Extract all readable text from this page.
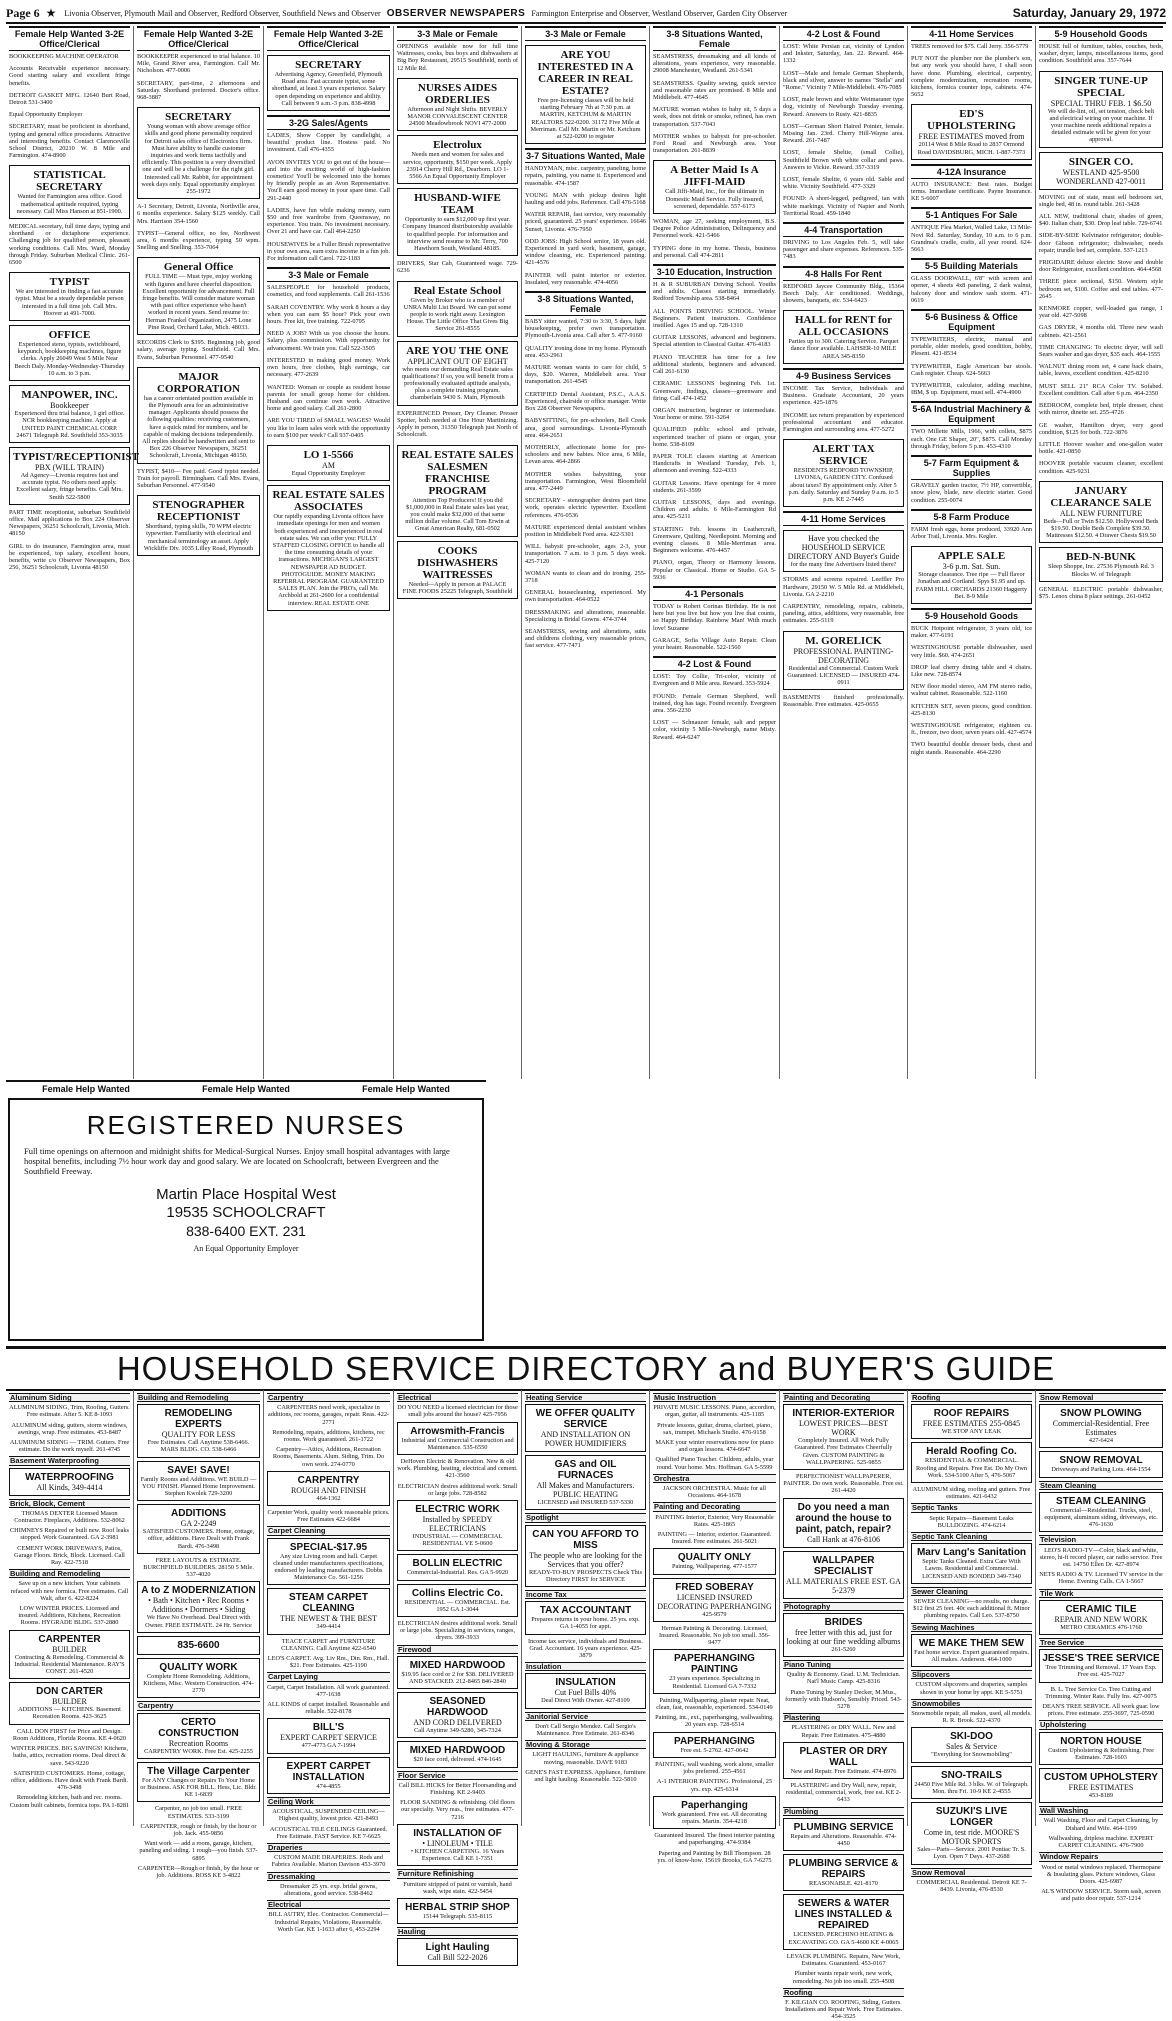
Page 6 ★ Livonia Observer, Plymouth Mail and Observer, Redford Observer, Southfield News and Observer OBSERVER NEWSPAPERS Farmington Enterprise and Observer, Westland Observer, Garden City Observer	Saturday, January 29, 1972
Female Help Wanted 3-2E Office/Clerical
BOOKKEEPING MACHINE OPERATOR
Accounts Receivable experience necessary. Good starting salary and excellent fringe benefits.
DETROIT GASKET MFG. 12640 Burt Road, Detroit 531-3400
Equal Opportunity Employer
SECRETARY, must be proficient in shorthand, typing and general office procedures. Attractive and interesting benefits. Contact Clarenceville School District, 20210 W. 8 Mile and Farmington. 474-8900
STATISTICAL SECRETARY
Wanted for Farmington area office. Good mathematical aptitude required, typing necessary. Call Miss Hanson at 851-1900.
MEDICAL secretary, full time days, typing and shorthand or dictaphone experience. Challenging job for qualified person, pleasant working conditions. Call Mrs. Ward, Monday through Friday. Suburban Medical Clinic. 261-6500
TYPIST
We are interested in finding a fast accurate typist. Must be a steady dependable person interested in a full time job. Call Mrs. Hoover at 491-7000.
OFFICE
Experienced steno, typists, switchboard, keypunch, bookkeeping machines, figure clerks. Apply 26049 West 5 Mile Near Beech Daly. Monday-Wednesday-Thursday 10 a.m. to 3 p.m.
MANPOWER, INC.
Bookkeeper
Experienced thru trial balance, 1 girl office. NCR bookkeeping machine. Apply at UNITED PAINT CHEMICAL CORP. 24671 Telegraph Rd. Southfield 353-3035
TYPIST/RECEPTIONIST
PBX (WILL TRAIN)
Ad Agency—Livonia requires fast and accurate typist. No others need apply. Excellent salary, fringe benefits. Call Mrs. Smith 522-5800
PART TIME receptionist, suburban Southfield office. Mail applications to Box 224 Observer Newspapers, 36251 Schoolcraft, Livonia, Mich. 48150
GIRL to do insurance, Farmington area, must be experienced, top salary, excellent hours, benefits, write c/o Observer Newspapers, Box 256, 36251 Schoolcraft, Livonia 48150
Female Help Wanted 3-2E Office/Clerical
BOOKKEEPER experienced to trial balance. 10 Mile, Grand River area, Farmington. Call Mr. Nicholson. 477-0006
SECRETARY, part-time, 2 afternoons and Saturday. Shorthand preferred. Doctor's office. 968-3887
SECRETARY
Young woman with above average office skills and good phone personality required for Detroit sales office of Electronics firm. Must have ability to handle customer inquiries and work items tactfully and efficiently. This position is a very diversified one and will be a challenge for the right girl. Interested call Mr. Rabbit, for appointment week days only. Equal opportunity employer. 255-1972
A-1 Secretary, Detroit, Livonia, Northville area, 6 months experience. Salary $125 weekly. Call Mrs. Harrison 354-1560
TYPIST—General office, no fee, Northwest area, 6 months experience, typing 50 wpm. Snelling and Snelling. 353-7064
General Office
FULL TIME — Must type, enjoy working with figures and have cheerful disposition. Excellent opportunity for advancement. Full fringe benefits. Will consider mature woman with past office experience who hasn't worked in recent years. Send resume to: Herman Frankel Organization, 2475 Lone Pine Road, Orchard Lake, Mich. 48033.
RECORDS Clerk to $395. Beginning job, good salary, average typing. Southfield. Call Mrs. Evans, Suburban Personnel. 477-9540
MAJOR CORPORATION
has a career orientated position available in the Plymouth area for an administrative manager. Applicants should possess the following qualities: receiving customers, have a quick mind for numbers, and be capable of making decisions independently. All replies should be handwritten and sent to Box 226 Observer Newspapers, 36251 Schoolcraft, Livonia, Michigan 48150.
TYPIST, $410— Fee paid. Good typist needed. Train for payroll. Birmingham. Call Mrs. Evans, Suburban Personnel. 477-9540
STENOGRAPHER RECEPTIONIST
Shorthand, typing skills, 70 WPM electric typewriter. Familiarity with electrical and mechanical terminology an asset. Apply Wickliffe Div. 1035 Lilley Road, Plymouth
Female Help Wanted 3-2E Office/Clerical
SECRETARY
Advertising Agency, Greenfield, Plymouth Road area. Fast accurate typist, some shorthand, at least 3 years experience. Salary open depending on experience and ability. Call between 9 a.m.-3 p.m. 838-4998
3-2G Sales/Agents
LADIES, Show Copper by candlelight, a beautiful product line. Hostess paid. No investment. Call 476-4355
AVON INVITES YOU to get out of the house—and into the exciting world of high-fashion cosmetics! You'll be welcomed into the homes by friendly people as an Avon Representative. You'll earn good money in your spare time. Call 291-2440
LADIES, have fun while making money, earn $50 and free wardrobe from Queensway, no experience. You train. No investment necessary. Over 21 and have car. Call 464-2250
HOUSEWIVES be a Fuller Brush representative in your own area, earn extra income in a fun job. For information call Carol. 722-1183
3-3 Male or Female
SALESPEOPLE for household products, cosmetics, and food supplements. Call 261-1536
SARAH COVENTRY. Why work 8 hours a day when you can earn $5 hour? Pick your own hours. Free kit, free training. 722-0795
NEED A JOB? With us you choose the hours. Salary, plus commission. With opportunity for advancement. We train you. Call 522-3505
INTERESTED in making good money. Work own hours, free clothes, high earnings, car necessary. 477-2639
WANTED: Woman or couple as resident house parents for small group home for children. Husband can continue own work. Attractive home and good salary. Call 261-2800
ARE YOU TIRED of SMALL WAGES? Would you like to learn sales work with the opportunity to earn $100 per week? Call 937-0405
LO 1-5566
AM
Equal Opportunity Employer
REAL ESTATE SALES ASSOCIATES
Our rapidly expanding Livonia offices have immediate openings for men and women both experienced and inexperienced in real estate sales. We can offer you: FULLY STAFFED CLOSING OFFICE to handle all the time consuming details of your transactions. MICHIGAN'S LARGEST NEWSPAPER AD BUDGET. PHOTOGUIDE. MONEY MAKING REFERRAL PROGRAM. GUARANTEED SALES PLAN. Join the PRO's, call Mr. Archbold at 261-2600 for a confidential interview. REAL ESTATE ONE
3-3 Male or Female
OPENINGS available now for full time Waitresses, cooks, bus boys and dishwashers at Big Boy Restaurant, 29515 Southfield, north of 12 Mile Rd.
NURSES AIDES ORDERLIES
Afternoon and Night Shifts. BEVERLY MANOR CONVALESCENT CENTER 24500 Meadowbrook NOVI 477-2000
Electrolux
Needs men and women for sales and service, opportunity, $150 per week. Apply 23914 Cherry Hill Rd., Dearborn. LO 1-5566 An Equal Opportunity Employer
HUSBAND-WIFE TEAM
Opportunity to earn $12,000 up first year. Company financed distributorship available to qualified people. For information and interview send resume to Mr. Terry, 700 Hawthorn South, Westland 48185.
DRIVERS, Star Cab, Guaranteed wage. 729-6236
Real Estate School
Given by Broker who is a member of UNRA Multi List Board. We can put some people to work right away. Lexington House. The Little Office That Gives Big Service 261-8555
ARE YOU THE ONE
APPLICANT OUT OF EIGHT
who meets our demanding Real Estate sales qualifications? If so, you will benefit from a professionally evaluated aptitude analysis, plus a complete training program. chamberlain 9430 S. Main, Plymouth
EXPERIENCED Presser, Dry Cleaner. Presser Spotter, both needed at One Hour Martinizing. Apply in person, 31350 Telegraph just North of Schoolcraft.
REAL ESTATE SALES SALESMEN FRANCHISE PROGRAM
Attention Top Producers! If you did $1,000,000 in Real Estate sales last year, you could make $32,000 of that same million dollar volume. Call Tom Erwin at Great American Realty, 681-0502
COOKS DISHWASHERS WAITRESSES
Needed—Apply in person at PALACE FINE FOODS 25225 Telegraph, Southfield
3-3 Male or Female
ARE YOU INTERESTED IN A CAREER IN REAL ESTATE?
Free pre-licensing classes will be held starting February 7th at 7:30 p.m. at MARTIN, KETCHUM & MARTIN REALTORS 522-0200. 31172 Five Mile at Merriman. Call Mr. Martin or Mr. Ketchum at 522-0200 to register
3-7 Situations Wanted, Male
HANDYMAN, misc. carpentry, paneling, home repairs, painting, you name it. Experienced and reasonable. 474-1587
YOUNG MAN with pickup desires light hauling and odd jobs. Reference. Call 476-5168
WATER REPAIR, fast service, very reasonably priced, guaranteed. 25 years' experience. 16646 Sunset, Livonia. 476-7950
ODD JOBS: High School senior, 18 years old. Experienced in yard work, basement, garage, window cleaning, etc. Experienced painting. 421-4576
PAINTER will paint interior or exterior. Insulated, very reasonable. 474-4056
3-8 Situations Wanted, Female
BABY sitter wanted, 7:30 to 3:30, 5 days, light housekeeping, prefer own transportation. Plymouth-Livonia area. Call after 5. 477-9160
QUALITY ironing done in my home. Plymouth area. 453-2961
MATURE woman wants to care for child, 5 days, $20. Warren, Middlebelt area. Your transportation. 261-4545
CERTIFIED Dental Assistant, P.S.C., A.A.S. Experienced, chairside or office manager. Write Box 228 Observer Newspapers.
BABYSITTING, for pre-schoolers, Bell Creek area, good surroundings. Livonia-Plymouth area. 464-2651
MOTHERLY, affectionate home for pre-schoolers and new babies. Nice area, 6 Mile, Levan area. 464-2866
MOTHER wishes babysitting, your transportation. Farmington, West Bloomfield area. 477-2449
SECRETARY - stenographer desires part time work, operates electric typewriter. Excellent references. 476-0536
MATURE experienced dental assistant wishes position in Middlebelt Ford area. 422-5301
WILL babysit pre-schooler, ages 2-3, your transportation. 7 a.m. to 3 p.m. 5 days week. 425-7120
WOMAN wants to clean and do ironing. 255-3718
GENERAL housecleaning, experienced. My own transportation. 464-0522
DRESSMAKING and alterations, reasonable. Specializing in Bridal Gowns. 474-3744
SEAMSTRESS, sewing and alterations, suits and childrens clothing, very reasonable prices, fast service. 477-7471
3-8 Situations Wanted, Female
SEAMSTRESS, dressmaking and all kinds of alterations, years experience, very reasonable. 29008 Manchester, Westland. 261-5341
SEAMSTRESS. Quality sewing, quick service and reasonable rates are promised. 8 Mile and Middlebelt. 477-4645
MATURE woman wishes to baby sit, 5 days a week, does not drink or smoke, refined, has own transportation. 537-7043
MOTHER wishes to babysit for pre-schooler. Ford Road and Newburgh area. Your transportation. 261-8839
A Better Maid Is A JIFFI-MAID
Call Jiffi-Maid, Inc., for the ultimate in Domestic Maid Service. Fully insured, screened, dependable. 557-6173
WOMAN, age 27, seeking employment, B.S. Degree Police Administration, Delinquency and Personnel work. 421-5466
TYPING done in my home. Thesis, business and personal. Call 474-2811
3-10 Education, Instruction
H & R SUBURBAN Driving School. Youths and adults. Classes starting immediately. Redford Township area. 538-8464
ALL POINTS DRIVING SCHOOL. Winter Beginners. Patient instructors. Confidence instilled. Ages 15 and up. 728-1310
GUITAR LESSONS, advanced and beginners. Special attention to Classical Guitar. 476-4183
PIANO TEACHER has time for a few additional students, beginners and advanced. Call 261-6130
CERAMIC LESSONS beginning Feb. 1st. Greenware, findings, classes—greenware and firing. Call 474-1452
ORGAN instruction, beginner or intermediate. Your home or mine. 591-3264
QUALIFIED public school and private, experienced teacher of piano or organ, your home. 538-8109
PAPER TOLE classes starting at American Handcrafts in Westland Tuesday, Feb. 1, afternoon and evening. 522-4333
GUITAR Lessons. Have openings for 4 more students. 261-3599
GUITAR LESSONS, days and evenings. Children and adults. 6 Mile-Farmington Rd area. 425-5211
STARTING Feb. lessons in Leathercraft, Greenware, Quilting, Needlepoint. Morning and evening classes. 8 Mile-Merriman area. Beginners welcome. 476-4457
PIANO, organ, Theory or Harmony lessons. Popular or Classical. Home or Studio. GA 5-5936
4-1 Personals
TODAY is Robert Corinas Birthday. He is not here but you live but how you live that counts, so Happy Birthday. Rainbow Man! With much love! Suzanne
GARAGE, Sofia Village Auto Repair. Clean your heater. Reasonable. 522-1560
4-2 Lost & Found
LOST: Toy Collie, Tri-color, vicinity of Evergreen and 8 Mile area. Reward. 353-5924
FOUND: Female German Shepherd, well trained, dog has tags. Found recently. Evergreen area. 356-2230
LOST — Schnauzer female, salt and pepper color, vicinity 5 Mile-Newburgh, name Misty. Reward. 464-6247
4-2 Lost & Found
LOST: White Persian cat, vicinity of Lyndon and Inkster, Saturday, Jan. 22. Reward. 464-1332
LOST—Male and female German Shepherds, black and silver, answer to names "Stella" and "Rome." Vicinity 7 Mile-Middlebelt. 476-7085
LOST, male brown and white Weimaraner type dog, vicinity of Newburgh Tuesday evening. Reward. Answers to Rusty. 421-8835
LOST—German Short Haired Pointer, female. Missing Jan. 23rd. Cherry Hill-Wayne area. Reward. 261-7487
LOST, female Sheltie, (small Collie), Southfield Brown with white collar and paws. Answers to Vickie. Reward. 357-3319
LOST, female Sheltie, 6 years old. Sable and white. Vicinity Southfield. 477-3329
FOUND: A short-legged, pedigreed, tan with white markings. Vicinity of Napier and North Territorial Road. 459-1840
4-4 Transportation
DRIVING to Los Angeles Feb. 5, will take passenger and share expenses. References. 535-7483
4-8 Halls For Rent
REDFORD Jaycee Community Bldg., 15364 Beech Daly. Air conditioned. Weddings, showers, banquets, etc. 534-6423
HALL for RENT for ALL OCCASIONS
Parties up to 300. Catering Service. Parquet dance floor available. LAHSER-10 MILE AREA 345-8350
4-9 Business Services
INCOME Tax Service, Individuals and Business. Graduate Accountant, 20 years experience. 425-1876
INCOME tax return preparation by experienced professional accountant and educator. Farmington and surrounding area. 477-5272
ALERT TAX SERVICE
RESIDENTS REDFORD TOWNSHIP, LIVONIA, GARDEN CITY. Confused about taxes? By appointment only. After 5 p.m. daily. Saturday and Sunday 9 a.m. to 5 p.m. KE 2-7445
4-11 Home Services
Have you checked the HOUSEHOLD SERVICE DIRECTORY AND Buyer's Guide
for the many fine Advertisers listed there?
STORMS and screens repaired. Leeffler Pro Hardware, 29150 W. 5 Mile Rd. at Middlebelt, Livonia. GA 2-2210
CARPENTRY, remodeling, repairs, cabinets, paneling, attics, additions, very reasonable, free estimates. 255-5119
M. GORELICK
PROFESSIONAL PAINTING-DECORATING
Residential and Commercial. Custom Work Guaranteed. LICENSED — INSURED 474-0911
BASEMENTS finished professionally. Reasonable. Free estimates. 425-0655
4-11 Home Services
TREES removed for $75. Call Jerry. 356-5779
PUT NOT the plumber nor the plumber's son, but any work you should have, I shall soon have done. Plumbing, electrical, carpentry, complete modernization, recreation rooms, kitchens, formica counter tops, cabinets. 474-5652
ED'S UPHOLSTERING
FREE ESTIMATES moved from
20114 West 8 Mile Road to 2837 Ormond Road DAVIDSBURG, MICH. 1-887-7373
4-12A Insurance
AUTO INSURANCE: Best rates. Budget terms. Immediate certificate. Payne Insurance. KE 5-6007
5-1 Antiques For Sale
ANTIQUE Flea Market, Walled Lake, 13 Mile-Novi Rd. Saturday, Sunday, 10 a.m. to 6 p.m. Grandma's cradle, crafts, all year round. 624-5663
5-5 Building Materials
GLASS DOORWALL, 6'8" with screen and opener, 4 sheets 4x8 paneling, 2 dark walnut, balcony door and window sash storm. 471-0619
5-6 Business & Office Equipment
TYPEWRITERS, electric, manual and portable, older models, good condition, hobby, Plesent. 421-8534
TYPEWRITER, Eagle American bar stools. Cash register. Cheap. 624-5663
TYPEWRITER, calculator, adding machine, IBM, $ up. Equipment, must sell. 474-4900
5-6A Industrial Machinery & Equipment
TWO Millette Mills, 1966, with collets, $875 each. One GE Shaper, 20", $875. Call Monday through Friday, before 5 p.m. 453-4310
5-7 Farm Equipment & Supplies
GRAVELY garden tractor, 7½ HP, convertible, snow plow, blade, new electric starter. Good condition. 255-0074
5-8 Farm Produce
FARM fresh eggs, home produced, 33920 Ann Arbor Trail, Livonia. Mrs. Kegler.
APPLE SALE
3-6 p.m. Sat. Sun.
Storage clearance. Tree ripe — Full flavor Jonathan and Cortland. Spys $1.95 and up. FARM HILL ORCHARDS 21360 Haggerty Bet. 8-9 Mile
5-9 Household Goods
BUCK Hotpoint refrigerator, 3 years old, ice maker. 477-6191
WESTINGHOUSE portable dishwasher, used very little. $60. 474-2651
DROP leaf cherry dining table and 4 chairs. Like new. 728-8574
NEW floor model stereo, AM FM stereo radio, walnut cabinet. Reasonable. 522-1160
KITCHEN SET, seven pieces, good condition. 425-8130
WESTINGHOUSE refrigerator, eighteen cu. ft., freezer, two door, seven years old. 427-4574
TWO beautiful double dresser beds, chest and night stands. Reasonable. 464-2290
5-9 Household Goods
HOUSE full of furniture, tables, couches, beds, washer, dryer, lamps, miscellaneous items, good condition. Southfield area. 357-7644
SINGER TUNE-UP SPECIAL
SPECIAL THRU FEB. 1 $6.50
We will de-lint, oil, set tension, check belt and electrical wiring on your machine. If your machine needs additional repairs a detailed estimate will be given for your approval.
SINGER CO.
WESTLAND 425-9500 WONDERLAND 427-0011
MOVING out of state, must sell bedroom set, single bed, 48 in. round table. 261-3428
ALL NEW, traditional chair, shades of green, $40. Italian chair, $30. Drop leaf table. 729-6741
SIDE-BY-SIDE Kelvinator refrigerator; double-door Gibson refrigerator; dishwasher, needs repair; trundle bed set, complete. 537-1213
FRIGIDAIRE deluxe electric Stove and double door Refrigerator, excellent condition. 464-4568
THREE piece sectional, $150. Western style bedroom set, $100. Coffee and end tables. 477-2645
KENMORE copper, well-loaded gas range, 1 year old. 427-5098
GAS DRYER, 4 months old. Three new wash cabinets. 421-2561
TIME CHANGING: To electric dryer, will sell Sears washer and gas dryer, $35 each. 464-1555
WALNUT dining room set, 4 cane back chairs, table, leaves, excellent condition. 425-8210
MUST SELL 21" RCA Color TV. Sofabed. Excellent condition. Call after 6 p.m. 464-2350
BEDROOM, complete bed, triple dresser, chest with mirror, dinette set. 255-4726
GE washer, Hamilton dryer, very good condition, $125 for both. 722-3876
LITTLE Hoover washer and one-gallon water bottle. 421-0850
HOOVER portable vacuum cleaner, excellent condition. 425-9231
JANUARY CLEARANCE SALE
ALL NEW FURNITURE
Beds—Full or Twin $12.50. Hollywood Beds $19.50. Double Beds Complete $39.50. Mattresses $12.50. 4 Drawer Chests $19.50
BED-N-BUNK
Sleep Shoppe, Inc. 27536 Plymouth Rd. 3 Blocks W. of Telegraph
GENERAL ELECTRIC portable dishwasher, $75. Lenox china 8 place settings. 261-0452
Female Help Wanted	Female Help Wanted	Female Help Wanted
REGISTERED NURSES
Full time openings on afternoon and midnight shifts for Medical-Surgical Nurses. Enjoy small hospital advantages with large hospital benefits, including 7½ hour work day and good salary. We are located on Schoolcraft, between Evergreen and the Southfield Freeway.
Martin Place Hospital West
19535 SCHOOLCRAFT
838-6400 EXT. 231
An Equal Opportunity Employer
HOUSEHOLD SERVICE DIRECTORY and BUYER'S GUIDE
Aluminum Siding
ALUMINUM SIDING, Trim, Roofing, Gutters. Free estimate. After 5. KE 8-1093
ALUMINUM siding, gutters, storm windows, awnings, wrap. Free estimates. 453-8487
ALUMINUM SIDING — TRIM. Gutters. Free estimate. Do the work myself. 261-4745
Basement Waterproofing
WATERPROOFING
All Kinds, 349-4414
Brick, Block, Cement
THOMAS DEXTER Licensed Mason Contractor. Fireplaces, Additions. 532-8062
CHIMNEYS Repaired or built new. Roof leaks stopped. Work Guaranteed. GA 2-3981
CEMENT WORK DRIVEWAYS, Patios, Garage Floors. Brick, Block. Licensed. Call Ray. 422-7518
Building and Remodeling
Save up on a new kitchen. Your cabinets refaced with new formica. Free estimates. Call Walt, after 6. 422-8224
LOW WINTER PRICES. Licensed and insured. Additions, Kitchens, Recreation Rooms. HYGRADE BLDG. 537-2880
CARPENTER
BUILDER
Contracting & Remodeling. Commercial & Industrial. Residential Maintenance. RAY'S CONST. 261-4520
DON CARTER
BUILDER
ADDITIONS — KITCHENS. Basement Recreation Rooms. 423-3625
CALL DON FIRST for Price and Design. Room Additions, Florida Rooms. KE 4-0620
WINTER PRICES. BIG SAVINGS! Kitchens, baths, attics, recreation rooms. Deal direct & save. 543-9220
SATISFIED CUSTOMERS. Home, cottage, office, additions. Have dealt with Frank Bardi. 476-3498
Remodeling kitchen, bath and rec. rooms. Custom built cabinets, formica tops. PA 1-8281
Building and Remodeling
REMODELING EXPERTS
QUALITY FOR LESS
Free Estimates. Call Anytime 538-6466. MARS BLDG. CO. 538-6466
SAVE! SAVE!
Family Rooms and Additions. WE BUILD — YOU FINISH. Planned Home Improvement. Stephen Kwolek 729-3200
ADDITIONS
GA 2-2249
SATISFIED CUSTOMERS. Home, cottage, office, additions. Have Dealt with Frank Bardi. 476-3498
FREE LAYOUTS & ESTIMATE. BURCHFIELD BUILDERS. 28150 5 Mile. 537-4020
A to Z MODERNIZATION
• Bath • Kitchen • Rec Rooms • Additions • Dormers • Siding
We Have No Overhead. Deal Direct with Owner. FREE ESTIMATE. 24 Hr. Service
835-6600
QUALITY WORK
Complete Home Remodeling. Additions, Kitchens, Misc. Western Construction. 474-2770
Carpentry
CERTO CONSTRUCTION
Recreation Rooms
CARPENTRY WORK. Free Est. 425-2255
The Village Carpenter
For ANY Changes or Repairs To Your Home or Business. ASK FOR BILL. Hess, Lic. Bldr. KE 1-6839
Carpenter, no job too small. FREE ESTIMATES. 533-3199
CARPENTER, rough or finish, by the hour or job. Jack. 455-9856
Want work — add a room, garage, kitchen, paneling and siding. 1 rough—you finish. 537-6895
CARPENTER—Rough or finish, by the hour or job. Additions. ROSS KE 3-4822
Carpentry
CARPENTERS need work, specialize in additions, rec rooms, garages, repair. Reas. 422-2771
Remodeling, repairs, additions, kitchens, rec rooms. Work guaranteed. 261-1722
Carpentry—Attics, Additions, Recreation Rooms, Basements. Alum. Siding, Trim. Do own work. 274-0770
CARPENTRY
ROUGH AND FINISH
464-1362
Carpenter Work, quality work reasonable prices. Free Estimates 422-6684
Carpet Cleaning
SPECIAL-$17.95
Any size Living room and hall. Carpet cleaned under manufacturers specifications, endorsed by leading manufacturers. Dobbs Maintenance Co. 561-1256
STEAM CARPET CLEANING
THE NEWEST & THE BEST
349-4414
TEACE CARPET and FURNITURE CLEANING. Call Anytime 422-6540
LEO'S CARPET. Avg. Liv Rm., Din. Rm., Hall. $21. Free Estimates. 425-1190
Carpet Laying
Carpet, Carpet Installation. All work guaranteed. 477-1638
ALL KINDS of carpet installed. Reasonable and reliable. 522-8178
BILL'S
EXPERT CARPET SERVICE
477-4773 GA 7-1994
EXPERT CARPET INSTALLATION
474-4855
Ceiling Work
ACOUSTICAL, SUSPENDED CEILING—Highest quality, lowest price. 421-8493
ACOUSTICAL TILE CEILINGS Guaranteed. Free Estimate. FAST Service. KE 7-6625
Draperies
CUSTOM MADE DRAPERIES. Rods and Fabrics Available. Marion Davison 453-3970
Dressmaking
Dressmaker 25 yrs. exp. bridal gowns, alterations, good service. 538-8462
Electrical
BILL AUTRY, Elec. Contractor. Commercial—Industrial Repairs, Violations, Reasonable. Worth Gar. KE 1-1633 after 6, 453-2294
Electrical
DO YOU NEED a licensed electrician for those small jobs around the house? 425-7956
Arrowsmith-Francis
Industrial and Commercial Construction and Maintenance. 535-6550
DeHoven Electric & Renovation. New & old work. Plumbing, heating, electrical and cement. 421-3560
ELECTRICIAN desires additional work. Small or large jobs. 728-8582
ELECTRIC WORK
Installed by SPEEDY ELECTRICIANS
INDUSTRIAL — COMMERCIAL RESIDENTIAL VE 5-0600
BOLLIN ELECTRIC
Commercial-Industrial. Res. GA 5-9920
Collins Electric Co.
RESIDENTIAL — COMMERCIAL. Est. 1952 GA 1-3044
ELECTRICIAN desires additional work. Small or large jobs. Specializing in services, ranges, dryers. 399-3933
Firewood
MIXED HARDWOOD
$19.95 face cord or 2 for $38. DELIVERED AND STACKED. 212-8465 846-2840
SEASONED HARDWOOD
AND CORD DELIVERED
Call Anytime 349-5280, 345-7324
MIXED HARDWOOD
$20 face cord, delivered. 474-1645
Floor Service
Call BILL HICKS for Better Floorsanding and Finishing. KE 2-9403
FLOOR SANDING & refinishing. Old floors our specialty. Very reas., free estimates. 477-7216
INSTALLATION OF
• LINOLEUM • TILE
• KITCHEN CARPETING. 16 Years Experience. Call KE 1-7351
Furniture Refinishing
Furniture stripped of paint or varnish, hand wash, wipe stain. 422-5454
HERBAL STRIP SHOP
15144 Telegraph. 535-8115
Hauling
Light Hauling
Call Bill 522-2026
Heating Service
WE OFFER QUALITY SERVICE
AND INSTALLATION ON POWER HUMIDIFIERS
GAS and OIL FURNACES
All Makes and Manufacturers. PUBLIC HEATING
LICENSED and INSURED 537-5330
Spotlight
CAN YOU AFFORD TO MISS
The people who are looking for the Services that you offer?
READY-TO-BUY PROSPECTS Check This Directory FIRST for SERVICE
Income Tax
TAX ACCOUNTANT
Prepares returns in your home. 25 yrs. exp. GA 1-4055 for appt.
Income tax service, individuals and Business. Grad. Accountant. 16 years experience. 425-3879
Insulation
INSULATION
Cut Fuel Bills 40%
Deal Direct With Owner. 427-8109
Janitorial Service
Don't Call Sergio Mendez. Call Sergio's Maintenance. Free Estimate. 261-8346
Moving & Storage
LIGHT HAULING, furniture & appliance moving, reasonable. DAVE 9183
GENE'S FAST EXPRESS. Appliance, furniture and light hauling. Reasonable. 522-5810
Music Instruction
PRIVATE MUSIC LESSONS. Piano, accordion, organ, guitar, all instruments. 425-1185
Private lessons, guitar, drums, clarinet, piano, sax, trumpet. Michaels Studio. 476-9158
MAKE your winter reservations now for piano and organ lessons. 474-6647
Qualified Piano Teacher. Children, adults, year round. Your home. Mrs. Hoffman. GA 5-5599
Orchestra
JACKSON ORCHESTRA. Music for all Occasions. 464-1678
Painting and Decorating
PAINTING Interior, Exterior, Very Reasonable Rates. 425-1865
PAINTING — Interior, exterior. Guaranteed. Insured. Free estimates. 261-5021
QUALITY ONLY
Painting, Wallpapering. 477-1577
FRED SOBERAY
LICENSED INSURED DECORATING PAPERHANGING
425-9579
Herman Painting & Decorating. Licensed, Insured. Reasonable. No job too small. 356-9477
PAPERHANGING PAINTING
23 years experience. Specializing in Residential. Licensed GA 7-7332
Painting, Wallpapering, plaster repair. Neat, clean, fast, reasonable, experienced. 534-0149
Painting, int., ext., paperhanging, wallwashing. 20 years exp. 728-6514
PAPERHANGING
Free est. 5-2762. 427-0642
PAINTING, wall washing, work alone, smaller jobs preferred. 255-4561
A-1 INTERIOR PAINTING. Professional, 25 yrs. exp. 425-6314
Paperhanging
Work guaranteed. Free est. All decorating repairs. Martin. 354-4218
Guaranteed Insured. The finest interior painting and paperhanging. 474-9384
Papering and Painting by Bill Thompson. 28 yrs. of know-how. 15619 Brooks, GA 7-6275
Painting and Decorating
INTERIOR-EXTERIOR
LOWEST PRICES—BEST WORK
Completely Insured. All Work Fully Guaranteed. Free Estimates Cheerfully Given. CUSTOM PAINTING & WALLPAPERING. 525-9855
PERFECTIONIST WALLPAPERER, PAINTER. Do own work. Reasonable. Free est. 261-4420
Do you need a man around the house to paint, patch, repair?
Call Hank at 476-8106
WALLPAPER SPECIALIST
ALL MATERIALS FREE EST. GA 5-2379
Photography
BRIDES
free letter with this ad, just for looking at our fine wedding albums
261-5260
Piano Tuning
Quality & Economy. Grad. U.M. Technician. Nat'l Music Camp. 425-8316
Piano Tuning by Stanley Decker, M.Mus., formerly with Hudson's, Sensibly Priced. 543-5278
Plastering
PLASTERING or DRY WALL. New and Repair. Free Estimates. 475-4880
PLASTER OR DRY WALL
New and Repair. Free Estimate. 474-8976
PLASTERING and Dry Wall, new, repair, residential, commercial, work, free est. KE 2-6433
Plumbing
PLUMBING SERVICE
Repairs and Alterations. Reasonable. 474-4450
PLUMBING SERVICE & REPAIRS
REASONABLE. 421-8170
SEWERS & WATER LINES INSTALLED & REPAIRED
LICENSED. PERCHINO HEATING & EXCAVATING CO. GA 5-4600 KE 4-0065
LEVACK PLUMBING. Repairs, New Work, Estimates. Guaranteed. 453-0167
Plumber wants repair work, new work, remodeling. No job too small. 255-4508
Roofing
F. KILGIAN CO. ROOFING, Siding, Gutters. Installations and Repair Work. Free Estimates. 454-3525
Roofing
ROOF REPAIRS
FREE ESTIMATES 255-0845
WE STOP ANY LEAK
Herald Roofing Co.
RESIDENTIAL & COMMERCIAL. Roofing and Repairs. Free Est. Do My Own Work. 534-5100 After 5, 476-5067
ALUMINUM siding, roofing and gutters. Free estimates. 421-6432
Septic Tanks
Septic Repairs—Basement Leaks BULLDOZING. 474-6214
Septic Tank Cleaning
Marv Lang's Sanitation
Septic Tanks Cleaned. Extra Care With Lawns. Residential and Commercial. LICENSED AND BONDED 349-7340
Sewer Cleaning
SEWER CLEANING—no results, no charge. $12 first 25 feet. 40c each additional ft. Minor plumbing repairs. Call Leo. 537-8750
Sewing Machines
WE MAKE THEM SEW
Fast home service. Expert guaranteed repairs. All makes. Anderson. 464-1000
Slipcovers
CUSTOM slipcovers and draperies, samples shown in your home by appt. KE 5-5751
Snowmobiles
Snowmobile repair, all makes, used, all models. R. R. Brook. 522-4370
SKI-DOO
Sales & Service
"Everything for Snowmobiling"
SNO-TRAILS
24450 Five Mile Rd. 3 blks. W. of Telegraph. Mon. thru Fri. 10-9 KE 2-4555
SUZUKI'S LIVE LONGER
Come in, test ride. MOORE'S MOTOR SPORTS
Sales—Parts—Service. 2001 Pontiac Tr. S. Lyon. Open 7 Days. 437-2688
Snow Removal
COMMERCIAL Residential. Detroit KE 7-8439. Livonia, 476-8530
Snow Removal
SNOW PLOWING
Commercial-Residential. Free Estimates
427-6424
SNOW REMOVAL
Driveways and Parking Lots. 464-1554
Steam Cleaning
STEAM CLEANING
Commercial—Residential. Trucks, steel, equipment, aluminum siding, driveways, etc. 476-1630
Television
LEO'S RADIO-TV—Color, black and white, stereo, hi-fi record player, car radio service. Free est. 14750 Ellen Dr. 427-8974
NETS RADIO & TV. Licensed TV service in the Home. Evening Calls. CA 1-5667
Tile Work
CERAMIC TILE
REPAIR AND NEW WORK
METRO CERAMICS 476-1760
Tree Service
JESSE'S TREE SERVICE
Tree Trimming and Removal. 17 Years Exp. Free est. 425-7027
B. L. Tree Service Co. Tree Cutting and Trimming. Winter Rate. Fully Ins. 427-0075
DEAN'S TREE SERVICE. All work guar. low prices. Free estimate. 255-3697, 725-0590
Upholstering
NORTON HOUSE
Custom Upholstering & Refinishing. Free Estimates. 728-1603
CUSTOM UPHOLSTERY
FREE ESTIMATES
453-8189
Wall Washing
Wall Washing, Floor and Carpet Cleaning, by Dishard and Wife. 464-1199
Wallwashing, dripless machine. EXPERT CARPET CLEANING. 476-7900
Window Repairs
Wood or metal windows replaced. Thermopane & Insulating glass. Picture windows, Glass Doors. 425-6987
AL'S WINDOW SERVICE. Storm sash, screen and patio door repair. 537-1214
